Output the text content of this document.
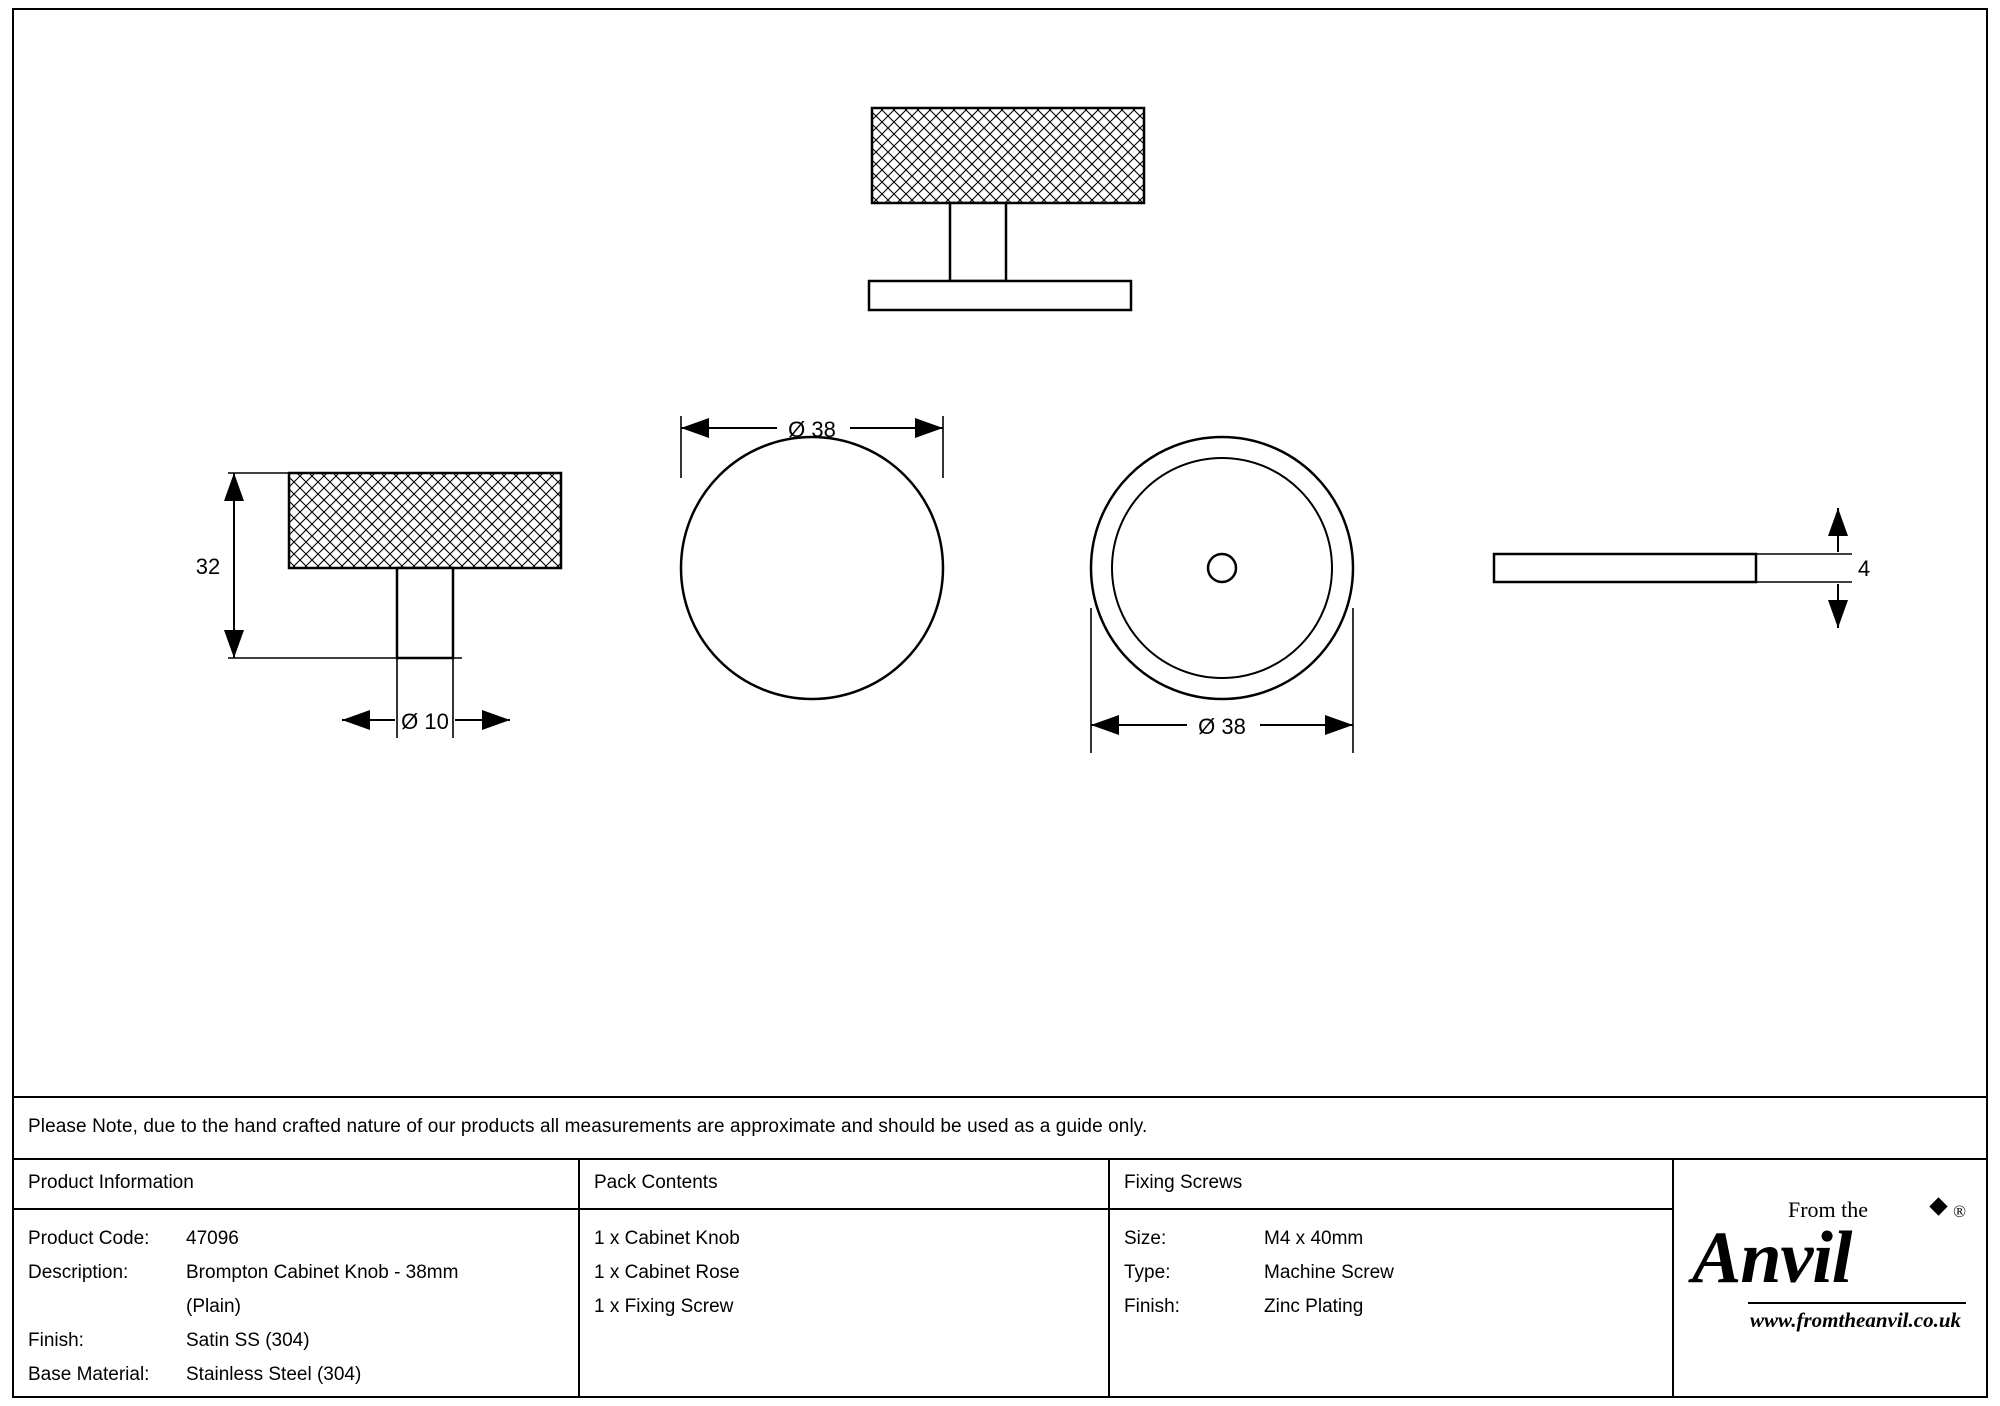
32
Ø 10
Ø 38
Ø 38
4
Please Note, due to the hand crafted nature of our products all measurements are approximate and should be used as a guide only.
Product Information
Product Code:	47096
Description:	Brompton Cabinet Knob - 38mm
(Plain)
Finish:	Satin SS (304)
Base Material:	Stainless Steel (304)
Pack Contents
1 x Cabinet Knob
1 x Cabinet Rose
1 x Fixing Screw
Fixing Screws
Size:	M4 x 40mm
Type:	Machine Screw
Finish:	Zinc Plating
From the	®
Anvil
www.fromtheanvil.co.uk
